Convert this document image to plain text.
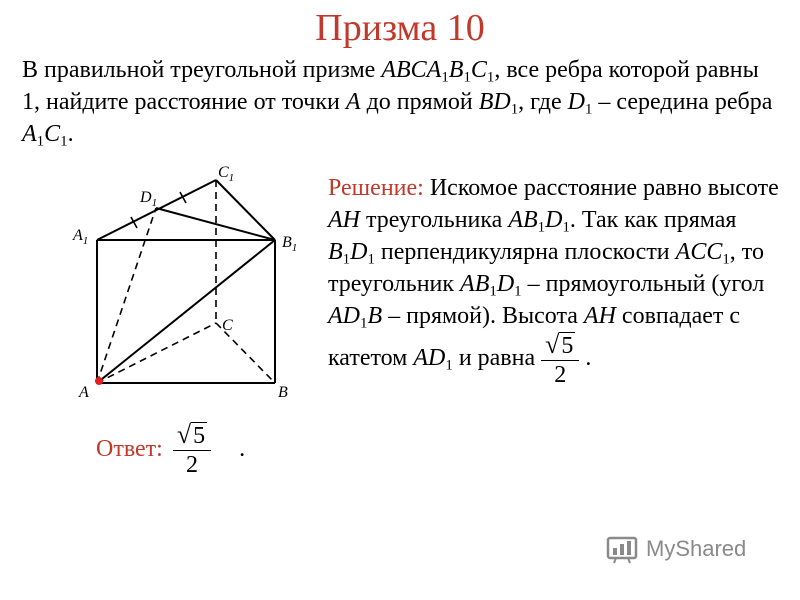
Призма 10
В правильной треугольной призме $ABCA_1B_1C_1$, все ребра которой равны 1, найдите расстояние от точки A до прямой $BD_1$, где $D_1$ – середина ребра $A_1C_1$.
$C_1$
$D_1$
$A_1$	$B_1$
C
A	B
Решение: Искомое расстояние равно высоте AH треугольника $AB_1D_1$. Так как прямая $B_1D_1$ перпендикулярна плоскости $ACC_1$, то треугольник $AB_1D_1$ – прямоугольный (угол $AD_1B$ – прямой). Высота AH совпадает с катетом $AD_1$ и равна $\frac{√5}{2}$ .
Ответ: $\frac{√5}{2}$ .
MyShared
